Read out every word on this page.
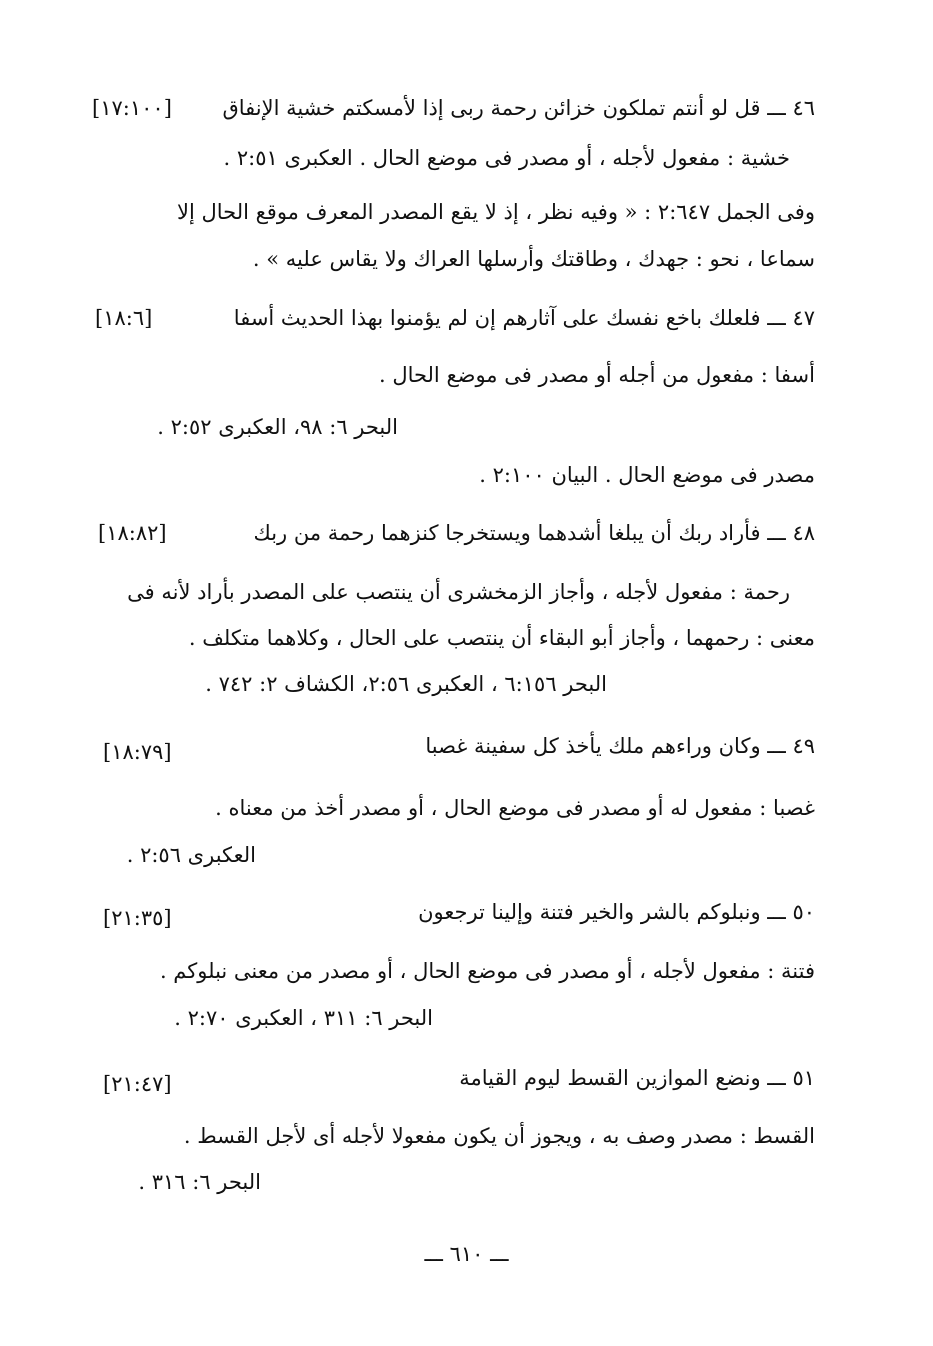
٤٦ ـــ قل لو أنتم تملكون خزائن رحمة ربى إذا لأمسكتم خشية الإنفاق
[١٧:١٠٠]
خشية : مفعول لأجله ، أو مصدر فى موضع الحال . العكبرى ٢:٥١ .
وفى الجمل ٢:٦٤٧ : « وفيه نظر ، إذ لا يقع المصدر المعرف موقع الحال إلا
سماعا ، نحو : جهدك ، وطاقتك وأرسلها العراك ولا يقاس عليه » .
٤٧ ـــ فلعلك باخع نفسك على آثارهم إن لم يؤمنوا بهذا الحديث أسفا
[١٨:٦]
أسفا : مفعول من أجله أو مصدر فى موضع الحال .
البحر ٦: ٩٨، العكبرى ٢:٥٢ .
مصدر فى موضع الحال . البيان ٢:١٠٠ .
٤٨ ـــ فأراد ربك أن يبلغا أشدهما ويستخرجا كنزهما رحمة من ربك
[١٨:٨٢]
رحمة : مفعول لأجله ، وأجاز الزمخشرى أن ينتصب على المصدر بأراد لأنه فى
معنى : رحمهما ، وأجاز أبو البقاء أن ينتصب على الحال ، وكلاهما متكلف .
البحر ٦:١٥٦ ، العكبرى ٢:٥٦، الكشاف ٢: ٧٤٢ .
٤٩ ـــ وكان وراءهم ملك يأخذ كل سفينة غصبا
[١٨:٧٩]
غصبا : مفعول له أو مصدر فى موضع الحال ، أو مصدر أخذ من معناه .
العكبرى ٢:٥٦ .
٥٠ ـــ ونبلوكم بالشر والخير فتنة وإلينا ترجعون
[٢١:٣٥]
فتنة : مفعول لأجله ، أو مصدر فى موضع الحال ، أو مصدر من معنى نبلوكم .
البحر ٦: ٣١١ ، العكبرى ٢:٧٠ .
٥١ ـــ ونضع الموازين القسط ليوم القيامة
[٢١:٤٧]
القسط : مصدر وصف به ، ويجوز أن يكون مفعولا لأجله أى لأجل القسط .
البحر ٦: ٣١٦ .
ـــ ٦١٠ ـــ
